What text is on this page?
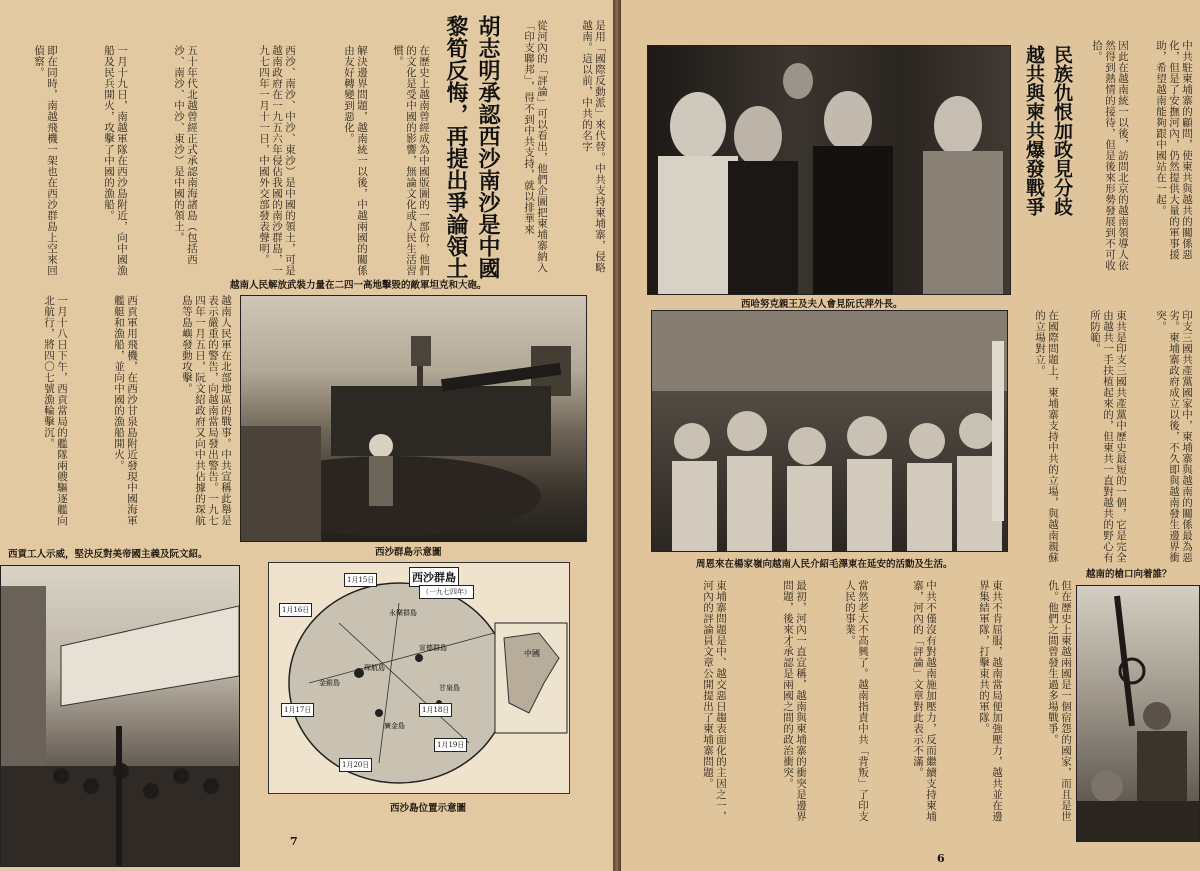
是用「國際反動派」來代替。中共支持柬埔寨，侵略越南。這以前，中共的名字
從河內的「評論」可以看出，他們企圖把柬埔寨納入「印支聯邦」，得不到中共支持，就以排華來
胡志明承認西沙南沙是中國
黎筍反悔，再提出爭論領土
在歷史上越南曾經成為中國版圖的一部份，他們的文化是受中國的影響，無論文化或人民生活習慣。
解決邊界問題，越南統一以後，中越兩國的關係由友好轉變到惡化。
西沙、南沙、中沙、東沙）是中國的領土，可是越南政府在一九五六年侵佔我國的南沙群島，一九七四年一月十一日，中國外交部發表聲明。
五十年代北越曾經正式承認南海諸島（包括西沙、南沙、中沙、東沙）是中國的領土。
一月十九日，南越軍隊在西沙島附近，向中國漁船及民兵開火，攻擊了中國的漁船。
即在同時，南越飛機一架也在西沙群島上空來回偵察。
越南人民解放武裝力量在二四一高地擊毀的敵軍坦克和大砲。
西沙群島示意圖
越南人民軍在北部地區的戰事。中共宣稱此舉是表示嚴重的警告，向越南當局發出警告。一九七四年一月五日，阮文紹政府又向中共佔據的琛航島等島嶼發動攻擊。
西貢軍用飛機，在西沙甘泉島附近發現中國海軍艦艇和漁船，並向中國的漁船開火。
一月十八日下午，西貢當局的艦隊兩艘驅逐艦向北航行，將四〇七號漁輪擊沉。
西沙群島
（一九七四年）
1月15日
1月16日
1月17日	1月18日
1月19日
1月20日
永樂群島
宣德群島
琛航島
金銀島
廣金島
甘泉島
中國
西沙島位置示意圖
西貢工人示威，堅決反對美帝國主義及阮文紹。
7
中共駐柬埔寨的顧問，使柬共與越共的關係惡化，但是了安撫河內，仍然提供大量的軍事援助，希望越南能夠跟中國站在一起。
因此在越南統一以後，訪問北京的越南領導人依然得到熱情的接待，但是後來形勢發展到不可收拾。
民族仇恨加政見分歧
越共與柬共爆發戰爭
西哈努克親王及夫人會見阮氏萍外長。
印支三國共產黨國家中，柬埔寨與越南的關係最為惡劣。柬埔寨政府成立以後，不久即與越南發生邊界衝突。
東共是印支三國共產黨中歷史最短的一個，它是完全由越共一手扶植起來的，但柬共一直對越共的野心有所防範。
在國際問題上，柬埔寨支持中共的立場，與越南親蘇的立場對立。
周恩來在楊家嶺向越南人民介紹毛澤東在延安的活動及生活。
但在歷史上柬越兩國是一個宿怨的國家，而且是世仇。他們之間曾發生過多場戰爭。
東共不肯屈服，越南當局便加強壓力，越共並在邊界集結軍隊，打擊東共的軍隊。
中共不僅沒有對越南施加壓力，反而繼續支持柬埔寨，河內的「評論」文章對此表示不滿。
當然老大不高興了。越南指責中共「背叛」了印支人民的事業。
最初，河內一直宣稱，越南與柬埔寨的衝突是邊界問題，後來才承認是兩國之間的政治衝突。
東埔寨問題是中、越交惡日趨表面化的主因之一，河內的評論員文章公開提出了柬埔寨問題。
越南的槍口向着誰？
6
